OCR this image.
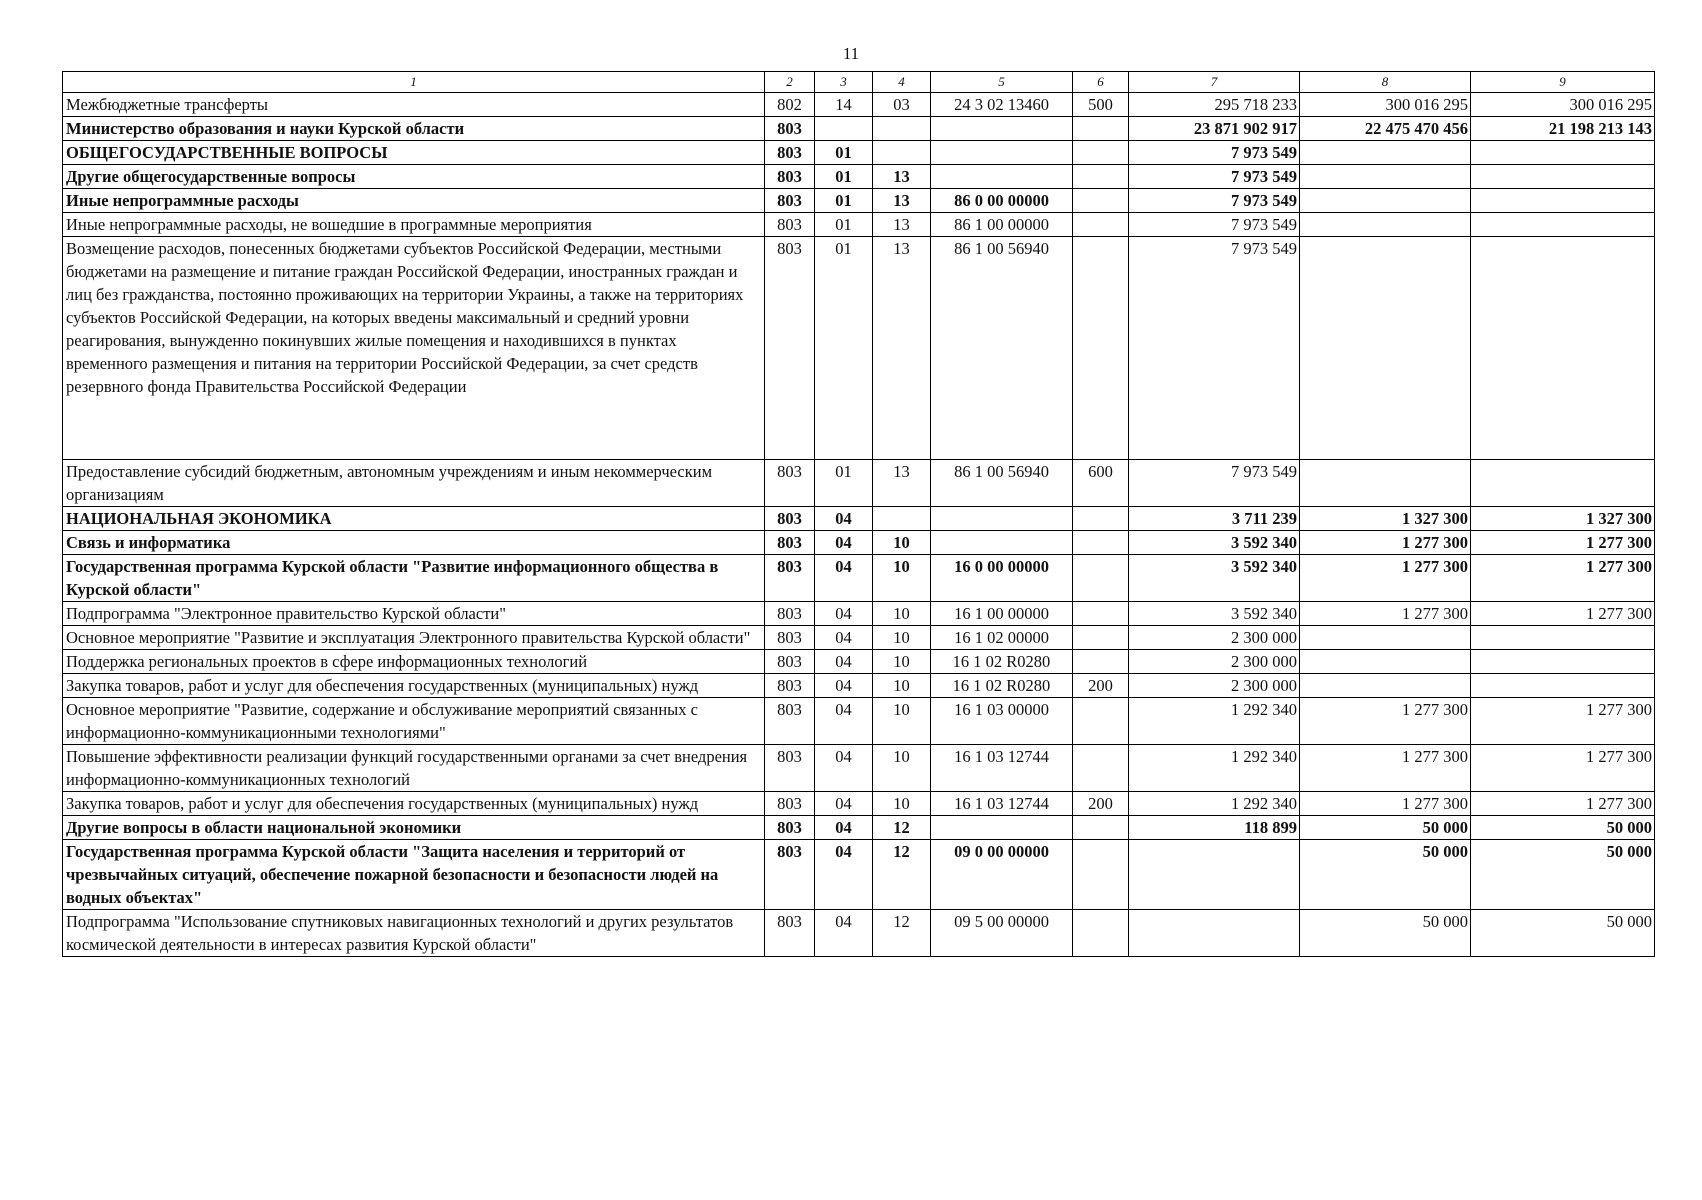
11
1	2	3	4	5	6	7	8	9
Межбюджетные трансферты	802	14	03	24 3 02 13460	500	295 718 233	300 016 295	300 016 295
Министерство образования и науки Курской области	803					23 871 902 917	22 475 470 456	21 198 213 143
ОБЩЕГОСУДАРСТВЕННЫЕ ВОПРОСЫ	803	01				7 973 549		
Другие общегосударственные вопросы	803	01	13			7 973 549		
Иные непрограммные расходы	803	01	13	86 0 00 00000		7 973 549		
Иные непрограммные расходы, не вошедшие в программные мероприятия	803	01	13	86 1 00 00000		7 973 549		
Возмещение расходов, понесенных бюджетами субъектов Российской Федерации, местными бюджетами на размещение и питание граждан Российской Федерации, иностранных граждан и лиц без гражданства, постоянно проживающих на территории Украины, а также на территориях субъектов Российской Федерации, на которых введены максимальный и средний уровни реагирования, вынужденно покинувших жилые помещения и находившихся в пунктах временного размещения и питания на территории Российской Федерации, за счет средств резервного фонда Правительства Российской Федерации	803	01	13	86 1 00 56940		7 973 549		
Предоставление субсидий бюджетным, автономным учреждениям и иным некоммерческим организациям	803	01	13	86 1 00 56940	600	7 973 549		
НАЦИОНАЛЬНАЯ ЭКОНОМИКА	803	04				3 711 239	1 327 300	1 327 300
Связь и информатика	803	04	10			3 592 340	1 277 300	1 277 300
Государственная программа Курской области "Развитие информационного общества в Курской области"	803	04	10	16 0 00 00000		3 592 340	1 277 300	1 277 300
Подпрограмма "Электронное правительство Курской области"	803	04	10	16 1 00 00000		3 592 340	1 277 300	1 277 300
Основное мероприятие "Развитие и эксплуатация Электронного правительства Курской области"	803	04	10	16 1 02 00000		2 300 000		
Поддержка региональных проектов в сфере информационных технологий	803	04	10	16 1 02 R0280		2 300 000		
Закупка товаров, работ и услуг для обеспечения государственных (муниципальных) нужд	803	04	10	16 1 02 R0280	200	2 300 000		
Основное мероприятие "Развитие, содержание и обслуживание мероприятий связанных с информационно-коммуникационными технологиями"	803	04	10	16 1 03 00000		1 292 340	1 277 300	1 277 300
Повышение эффективности реализации функций государственными органами за счет внедрения информационно-коммуникационных технологий	803	04	10	16 1 03 12744		1 292 340	1 277 300	1 277 300
Закупка товаров, работ и услуг для обеспечения государственных (муниципальных) нужд	803	04	10	16 1 03 12744	200	1 292 340	1 277 300	1 277 300
Другие вопросы в области национальной экономики	803	04	12			118 899	50 000	50 000
Государственная программа Курской области "Защита населения и территорий от чрезвычайных ситуаций, обеспечение пожарной безопасности и безопасности людей на водных объектах"	803	04	12	09 0 00 00000			50 000	50 000
Подпрограмма "Использование спутниковых навигационных технологий и других результатов космической деятельности в интересах развития Курской области"	803	04	12	09 5 00 00000			50 000	50 000
